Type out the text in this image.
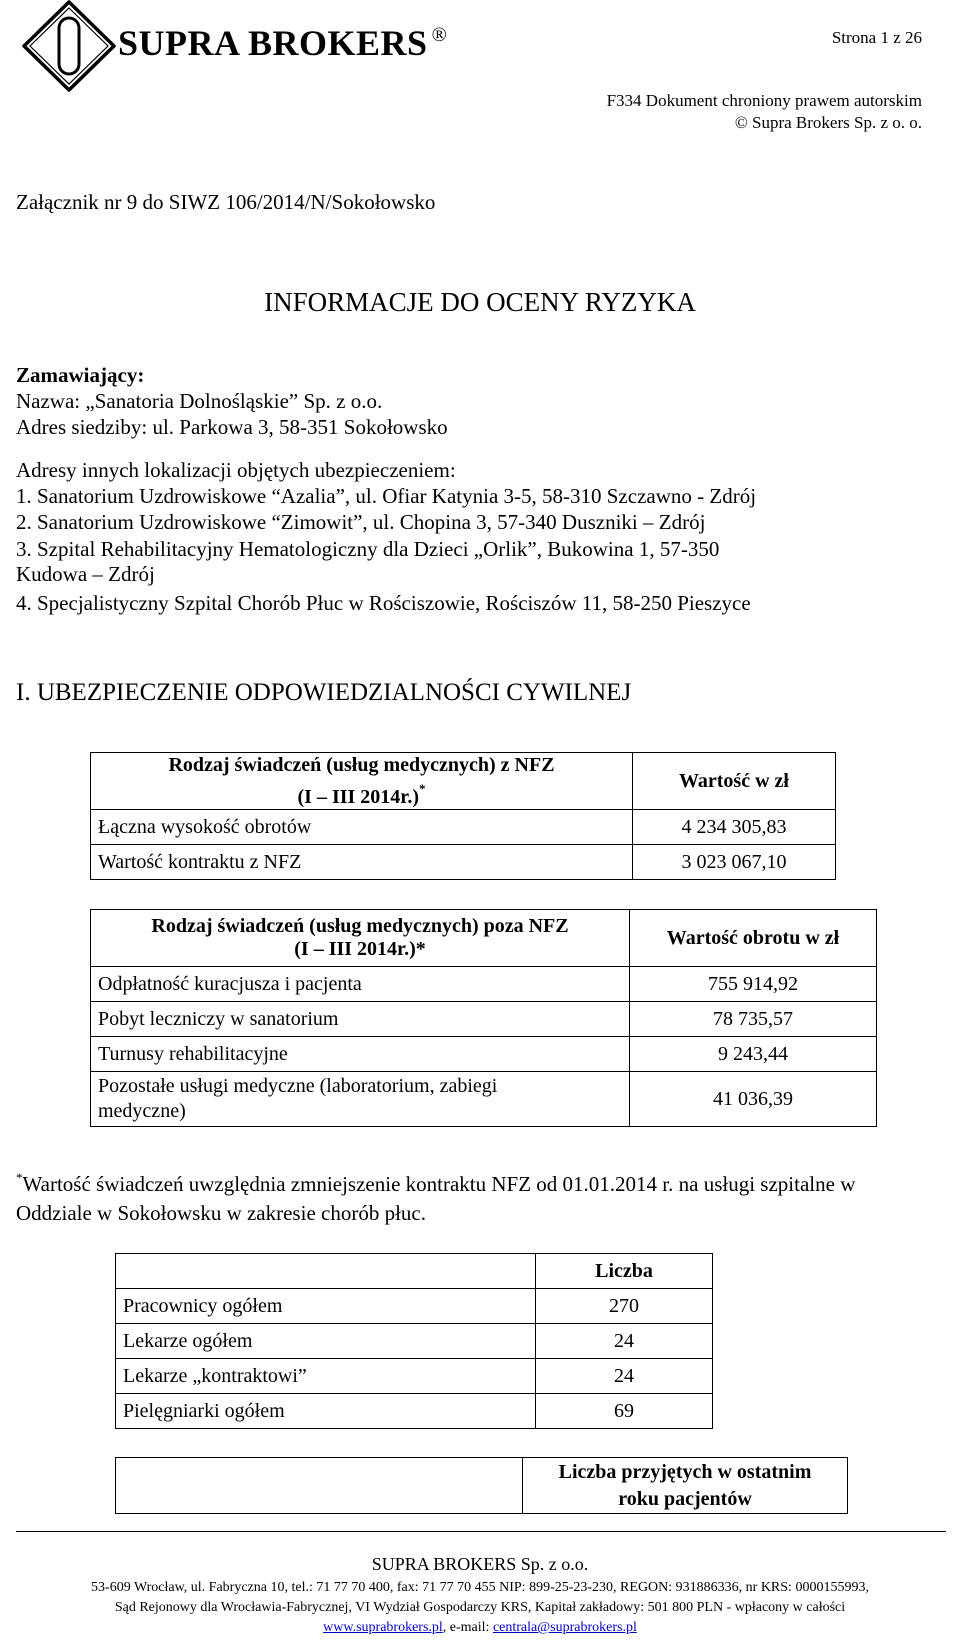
SUPRA BROKERS ®	Strona 1 z 26
F334 Dokument chroniony prawem autorskim
© Supra Brokers Sp. z o. o.
Załącznik nr 9 do SIWZ 106/2014/N/Sokołowsko
INFORMACJE DO OCENY RYZYKA
Zamawiający:
Nazwa: „Sanatoria Dolnośląskie” Sp. z o.o.
Adres siedziby: ul. Parkowa 3, 58-351 Sokołowsko
Adresy innych lokalizacji objętych ubezpieczeniem:
1. Sanatorium Uzdrowiskowe “Azalia”, ul. Ofiar Katynia 3-5, 58-310 Szczawno - Zdrój
2. Sanatorium Uzdrowiskowe “Zimowit”, ul. Chopina 3, 57-340 Duszniki – Zdrój
3. Szpital Rehabilitacyjny Hematologiczny dla Dzieci „Orlik”, Bukowina 1, 57-350
Kudowa – Zdrój
4. Specjalistyczny Szpital Chorób Płuc w Rościszowie, Rościszów 11, 58-250 Pieszyce
I. UBEZPIECZENIE ODPOWIEDZIALNOŚCI CYWILNEJ
Rodzaj świadczeń (usług medycznych) z NFZ
(I – III 2014r.)*	Wartość w zł
Łączna wysokość obrotów	4 234 305,83
Wartość kontraktu z NFZ	3 023 067,10
Rodzaj świadczeń (usług medycznych) poza NFZ
(I – III 2014r.)*	Wartość obrotu w zł
Odpłatność kuracjusza i pacjenta	755 914,92
Pobyt leczniczy w sanatorium	78 735,57
Turnusy rehabilitacyjne	9 243,44
Pozostałe usługi medyczne (laboratorium, zabiegi
medyczne)	41 036,39
*Wartość świadczeń uwzględnia zmniejszenie kontraktu NFZ od 01.01.2014 r. na usługi szpitalne w Oddziale w Sokołowsku w zakresie chorób płuc.
	Liczba
Pracownicy ogółem	270
Lekarze ogółem	24
Lekarze „kontraktowi”	24
Pielęgniarki ogółem	69
	Liczba przyjętych w ostatnim
roku pacjentów
SUPRA BROKERS Sp. z o.o.
53-609 Wrocław, ul. Fabryczna 10, tel.: 71 77 70 400, fax: 71 77 70 455 NIP: 899-25-23-230, REGON: 931886336, nr KRS: 0000155993,
Sąd Rejonowy dla Wrocławia-Fabrycznej, VI Wydział Gospodarczy KRS, Kapitał zakładowy: 501 800 PLN - wpłacony w całości
www.suprabrokers.pl, e-mail: centrala@suprabrokers.pl
